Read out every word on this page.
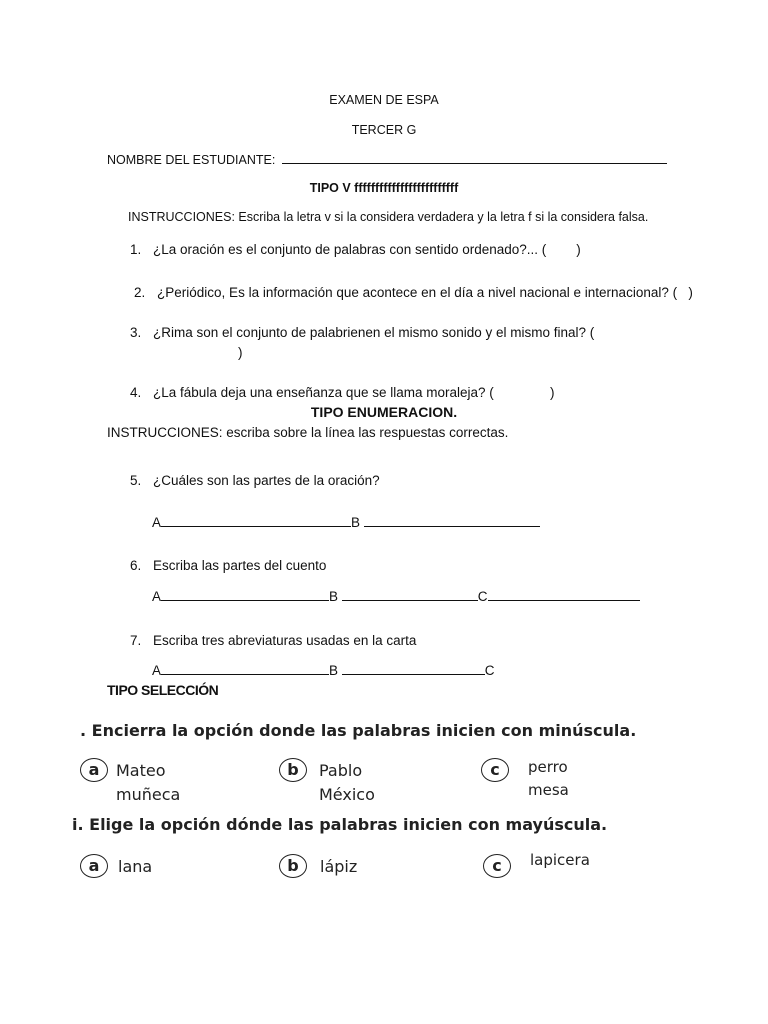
EXAMEN DE ESPA
TERCER G
NOMBRE DEL ESTUDIANTE:
TIPO V fffffffffffffffffffffffff
INSTRUCCIONES: Escriba la letra v si la considera verdadera y la letra f si la considera falsa.
1. ¿La oración es el conjunto de palabras con sentido ordenado?... (        )
2. ¿Periódico, Es la información que acontece en el día a nivel nacional e internacional? (   )
3. ¿Rima son el conjunto de palabrienen el mismo sonido y el mismo final? (
)
4. ¿La fábula deja una enseñanza que se llama moraleja? (               )
TIPO ENUMERACION.
INSTRUCCIONES: escriba sobre la línea las respuestas correctas.
5. ¿Cuáles son las partes de la oración?
A	B
6. Escriba las partes del cuento
A	B	C
7. Escriba tres abreviaturas usadas en la carta
A	B	C
TIPO SELECCIÓN
. Encierra la opción donde las palabras inicien con minúscula.
a	Mateo
muñeca
b	Pablo
México
c	perro
mesa
i. Elige la opción dónde las palabras inicien con mayúscula.
a	lana	b	lápiz	c	lapicera
